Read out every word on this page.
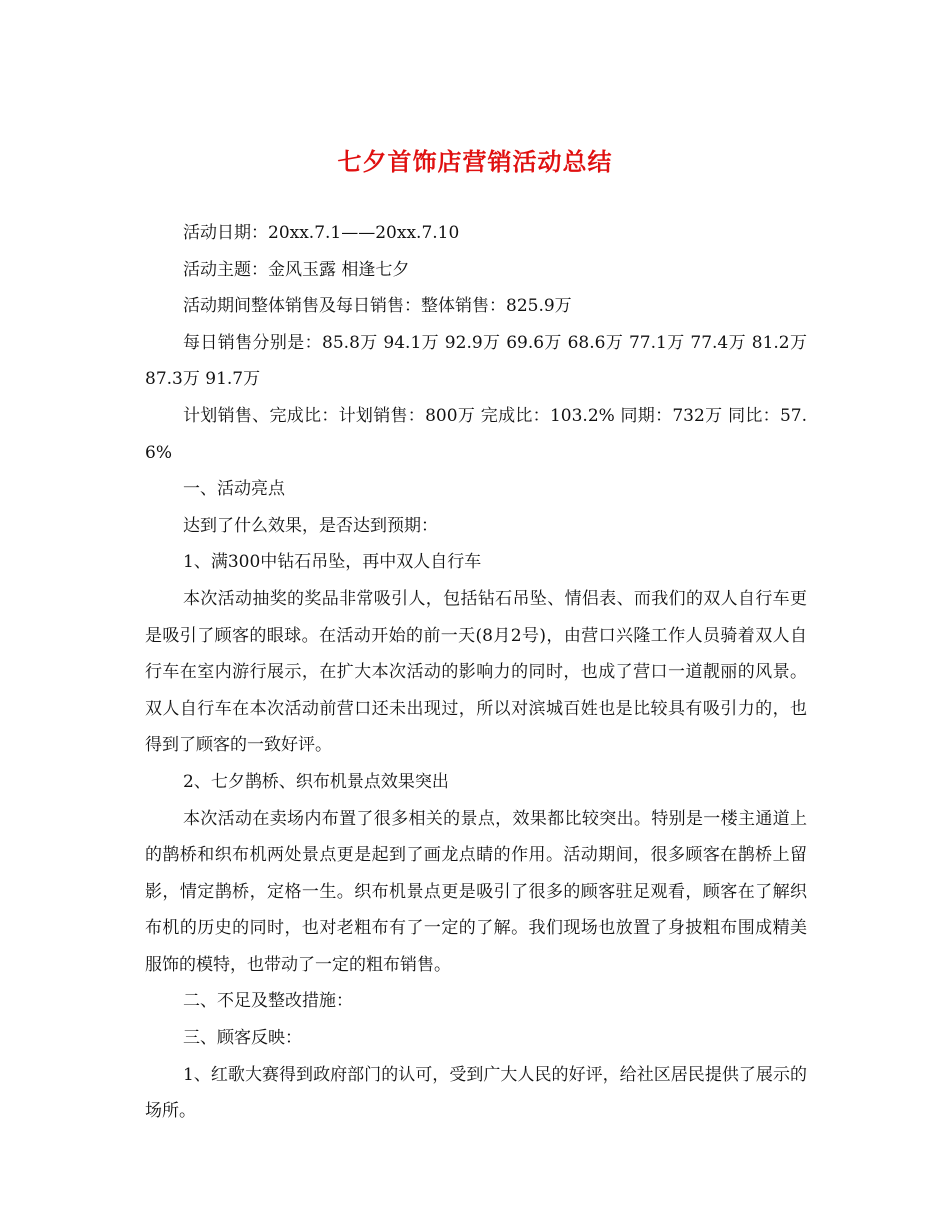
七夕首饰店营销活动总结

活动日期：20xx.7.1——20xx.7.10

活动主题：金风玉露 相逢七夕

活动期间整体销售及每日销售：整体销售：825.9万

每日销售分别是：85.8万 94.1万 92.9万 69.6万 68.6万 77.1万 77.4万 81.2万 87.3万 91.7万

计划销售、完成比：计划销售：800万 完成比：103.2% 同期：732万 同比：57.6%

一、活动亮点

达到了什么效果，是否达到预期：

1、满300中钻石吊坠，再中双人自行车

本次活动抽奖的奖品非常吸引人，包括钻石吊坠、情侣表、而我们的双人自行车更是吸引了顾客的眼球。在活动开始的前一天(8月2号)，由营口兴隆工作人员骑着双人自行车在室内游行展示，在扩大本次活动的影响力的同时，也成了营口一道靓丽的风景。双人自行车在本次活动前营口还未出现过，所以对滨城百姓也是比较具有吸引力的，也得到了顾客的一致好评。

2、七夕鹊桥、织布机景点效果突出

本次活动在卖场内布置了很多相关的景点，效果都比较突出。特别是一楼主通道上的鹊桥和织布机两处景点更是起到了画龙点睛的作用。活动期间，很多顾客在鹊桥上留影，情定鹊桥，定格一生。织布机景点更是吸引了很多的顾客驻足观看，顾客在了解织布机的历史的同时，也对老粗布有了一定的了解。我们现场也放置了身披粗布围成精美服饰的模特，也带动了一定的粗布销售。

二、不足及整改措施：

三、顾客反映：

1、红歌大赛得到政府部门的认可，受到广大人民的好评，给社区居民提供了展示的场所。
